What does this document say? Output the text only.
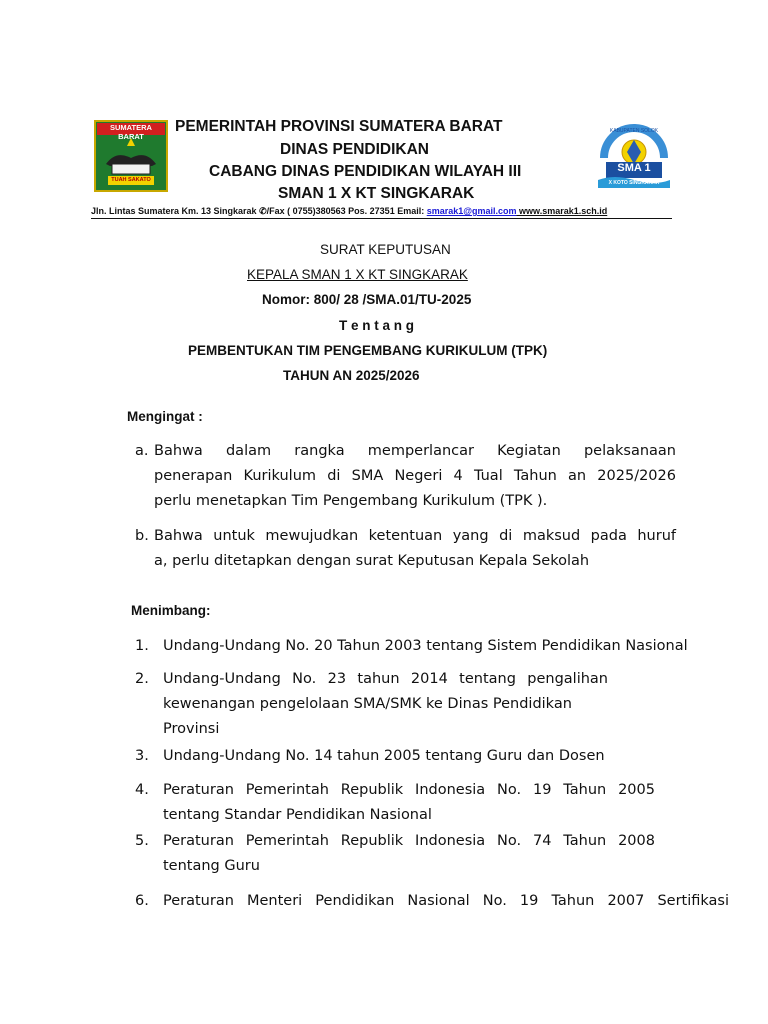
SUMATERA BARAT
TUAH SAKATO
PEMERINTAH PROVINSI SUMATERA BARAT
DINAS PENDIDIKAN
CABANG DINAS PENDIDIKAN WILAYAH III
SMAN 1 X KT SINGKARAK
KABUPATEN SOLOK
SMA 1
X KOTO SINGKARAK
Jln. Lintas Sumatera Km. 13 Singkarak ✆/Fax ( 0755)380563 Pos. 27351 Email: smarak1@gmail.com www.smarak1.sch.id
SURAT KEPUTUSAN
KEPALA SMAN 1 X KT SINGKARAK
Nomor: 800/ 28 /SMA.01/TU-2025
T e n t a n g
PEMBENTUKAN TIM PENGEMBANG KURIKULUM (TPK)
TAHUN AN 2025/2026
Mengingat :
a. Bahwa dalam rangka memperlancar Kegiatan pelaksanaan
penerapan Kurikulum di SMA Negeri 4 Tual Tahun an 2025/2026
perlu menetapkan Tim Pengembang Kurikulum (TPK ).
b. Bahwa untuk mewujudkan ketentuan yang di maksud pada huruf
a, perlu ditetapkan dengan surat Keputusan Kepala Sekolah
Menimbang:
1. Undang-Undang No. 20 Tahun 2003 tentang Sistem Pendidikan Nasional
2. Undang-Undang No. 23 tahun 2014 tentang pengalihan
kewenangan pengelolaan SMA/SMK ke Dinas Pendidikan
Provinsi
3. Undang-Undang No. 14 tahun 2005 tentang Guru dan Dosen
4. Peraturan Pemerintah Republik Indonesia No. 19 Tahun 2005
tentang Standar Pendidikan Nasional
5. Peraturan Pemerintah Republik Indonesia No. 74 Tahun 2008
tentang Guru
6. Peraturan Menteri Pendidikan Nasional No. 19 Tahun 2007 Sertifikasi
